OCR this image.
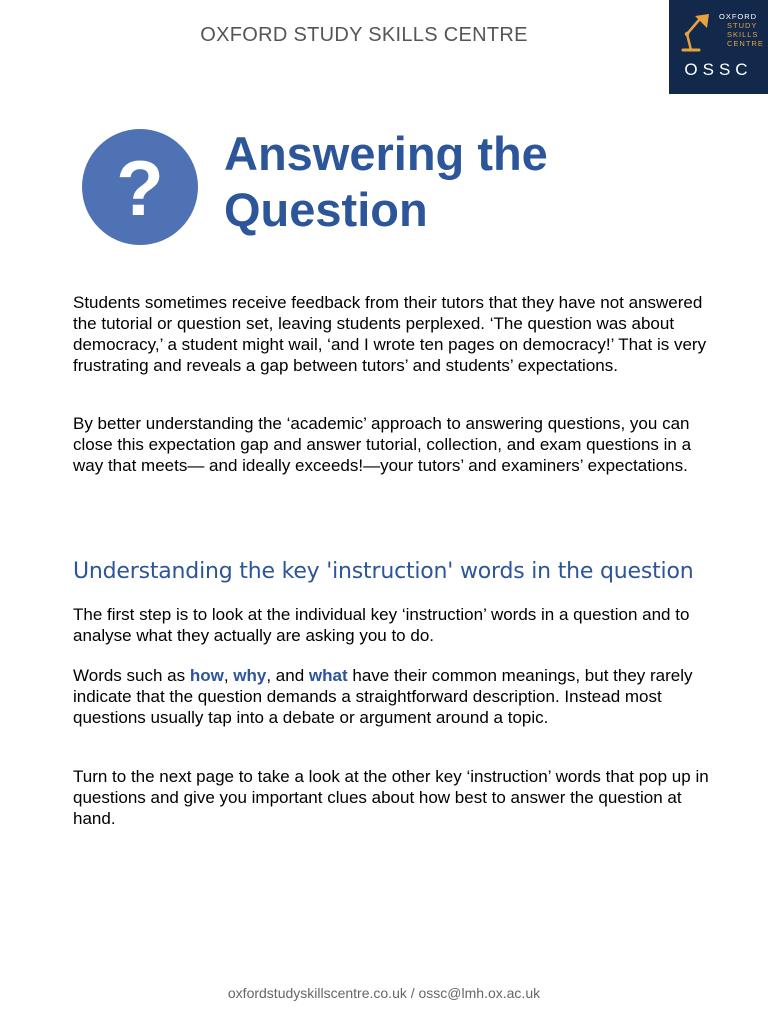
OXFORD STUDY SKILLS CENTRE
OXFORD
STUDY
SKILLS
CENTRE
OSSC
?	Answering the Question
Students sometimes receive feedback from their tutors that they have not answered the tutorial or question set, leaving students perplexed. ‘The question was about democracy,’ a student might wail, ‘and I wrote ten pages on democracy!’ That is very frustrating and reveals a gap between tutors’ and students’ expectations.
By better understanding the ‘academic’ approach to answering questions, you can close this expectation gap and answer tutorial, collection, and exam questions in a way that meets— and ideally exceeds!—your tutors’ and examiners’ expectations.
Understanding the key 'instruction' words in the question
The first step is to look at the individual key ‘instruction’ words in a question and to analyse what they actually are asking you to do.
Words such as how, why, and what have their common meanings, but they rarely indicate that the question demands a straightforward description. Instead most questions usually tap into a debate or argument around a topic.
Turn to the next page to take a look at the other key ‘instruction’ words that pop up in questions and give you important clues about how best to answer the question at hand.
oxfordstudyskillscentre.co.uk / ossc@lmh.ox.ac.uk
